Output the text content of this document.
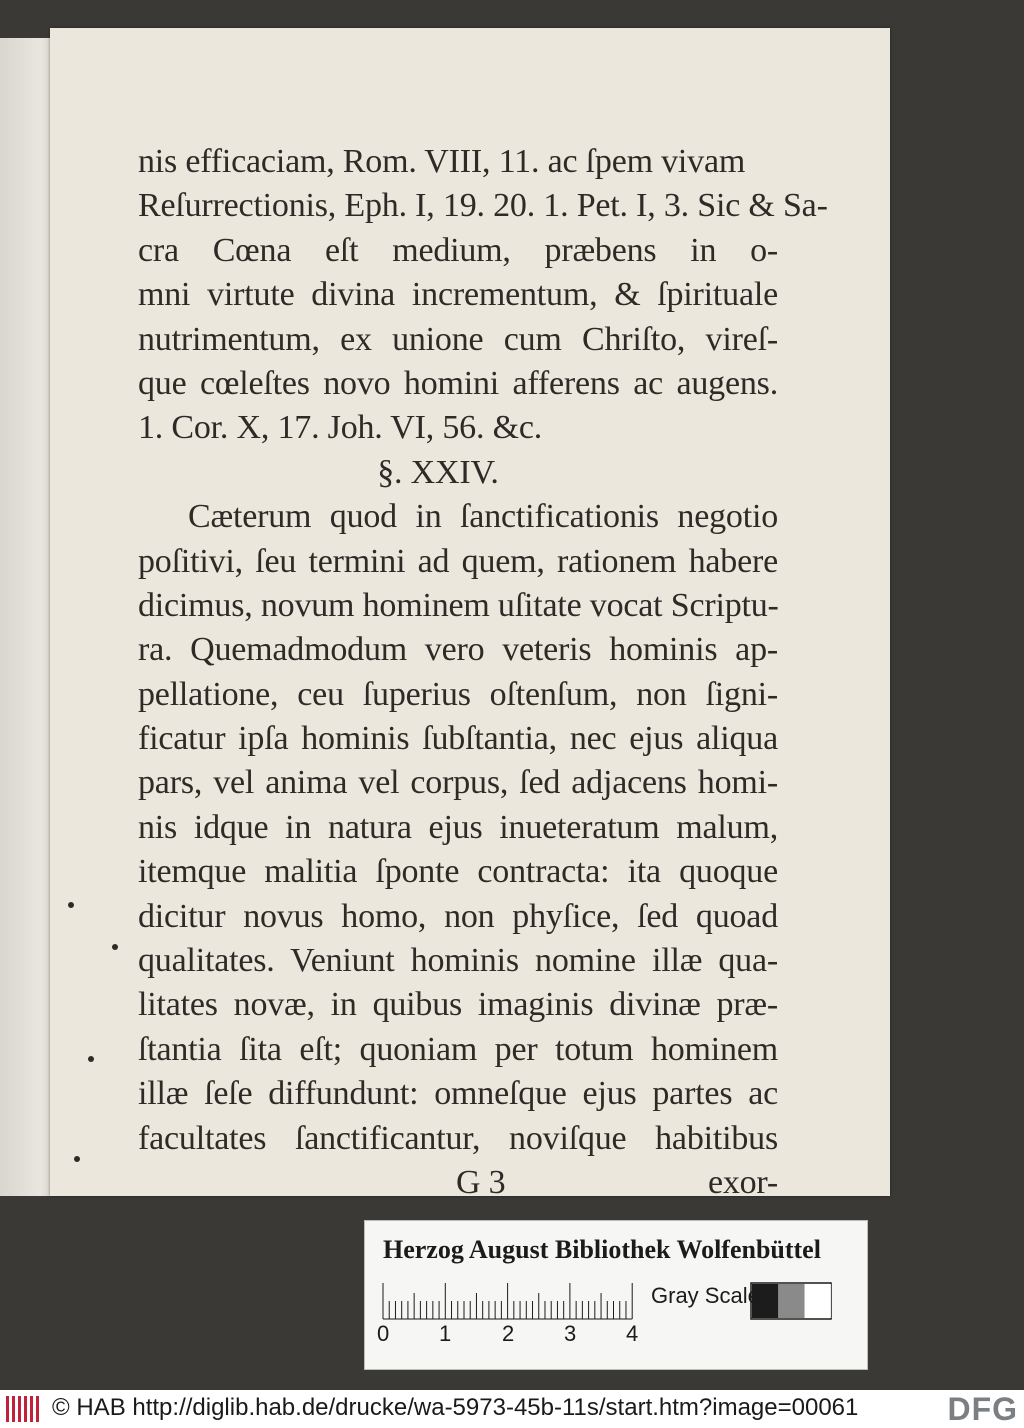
nis efficaciam, Rom. VIII, 11. ac ſpem vivam
Reſurrectionis, Eph. I, 19. 20. 1. Pet. I, 3. Sic & Sa-
cra Cœna eſt medium, præbens in o-
mni virtute divina incrementum, & ſpirituale
nutrimentum, ex unione cum Chriſto, vireſ-
que cœleſtes novo homini afferens ac augens.
1. Cor. X, 17. Joh. VI, 56. &c.
§. XXIV.
Cæterum quod in ſanctificationis negotio
poſitivi, ſeu termini ad quem, rationem habere
dicimus, novum hominem uſitate vocat Scriptu-
ra. Quemadmodum vero veteris hominis ap-
pellatione, ceu ſuperius oſtenſum, non ſigni-
ficatur ipſa hominis ſubſtantia, nec ejus aliqua
pars, vel anima vel corpus, ſed adjacens homi-
nis idque in natura ejus inueteratum malum,
itemque malitia ſponte contracta: ita quoque
dicitur novus homo, non phyſice, ſed quoad
qualitates. Veniunt hominis nomine illæ qua-
litates novæ, in quibus imaginis divinæ præ-
ſtantia ſita eſt; quoniam per totum hominem
illæ ſeſe diffundunt: omneſque ejus partes ac
facultates ſanctificantur, noviſque habitibus
G 3	exor-
Herzog August Bibliothek Wolfenbüttel
Gray Scale
0 1 2 3 4
© HAB http://diglib.hab.de/drucke/wa-5973-45b-11s/start.htm?image=00061	DFG
